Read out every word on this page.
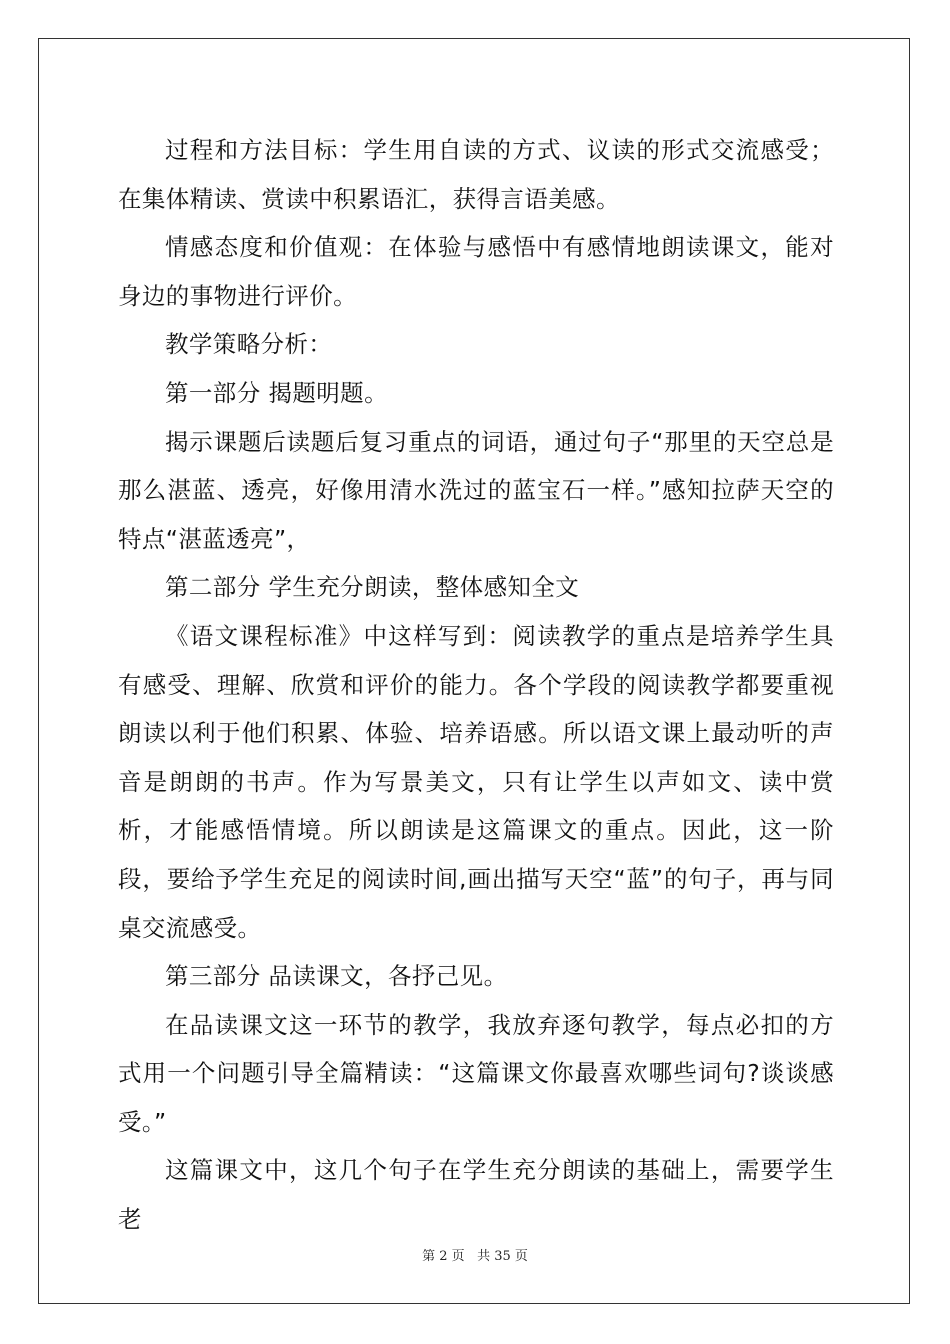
过程和方法目标：学生用自读的方式、议读的形式交流感受；在集体精读、赏读中积累语汇，获得言语美感。

情感态度和价值观：在体验与感悟中有感情地朗读课文，能对身边的事物进行评价。

教学策略分析：

第一部分 揭题明题。

揭示课题后读题后复习重点的词语，通过句子“那里的天空总是那么湛蓝、透亮，好像用清水洗过的蓝宝石一样。”感知拉萨天空的特点“湛蓝透亮”，

第二部分 学生充分朗读，整体感知全文

《语文课程标准》中这样写到：阅读教学的重点是培养学生具有感受、理解、欣赏和评价的能力。各个学段的阅读教学都要重视朗读以利于他们积累、体验、培养语感。所以语文课上最动听的声音是朗朗的书声。作为写景美文，只有让学生以声如文、读中赏析，才能感悟情境。所以朗读是这篇课文的重点。因此，这一阶段，要给予学生充足的阅读时间,画出描写天空“蓝”的句子，再与同桌交流感受。

第三部分 品读课文，各抒己见。

在品读课文这一环节的教学，我放弃逐句教学，每点必扣的方式用一个问题引导全篇精读：“这篇课文你最喜欢哪些词句?谈谈感受。”

这篇课文中，这几个句子在学生充分朗读的基础上，需要学生老

第 2 页 共 35 页
